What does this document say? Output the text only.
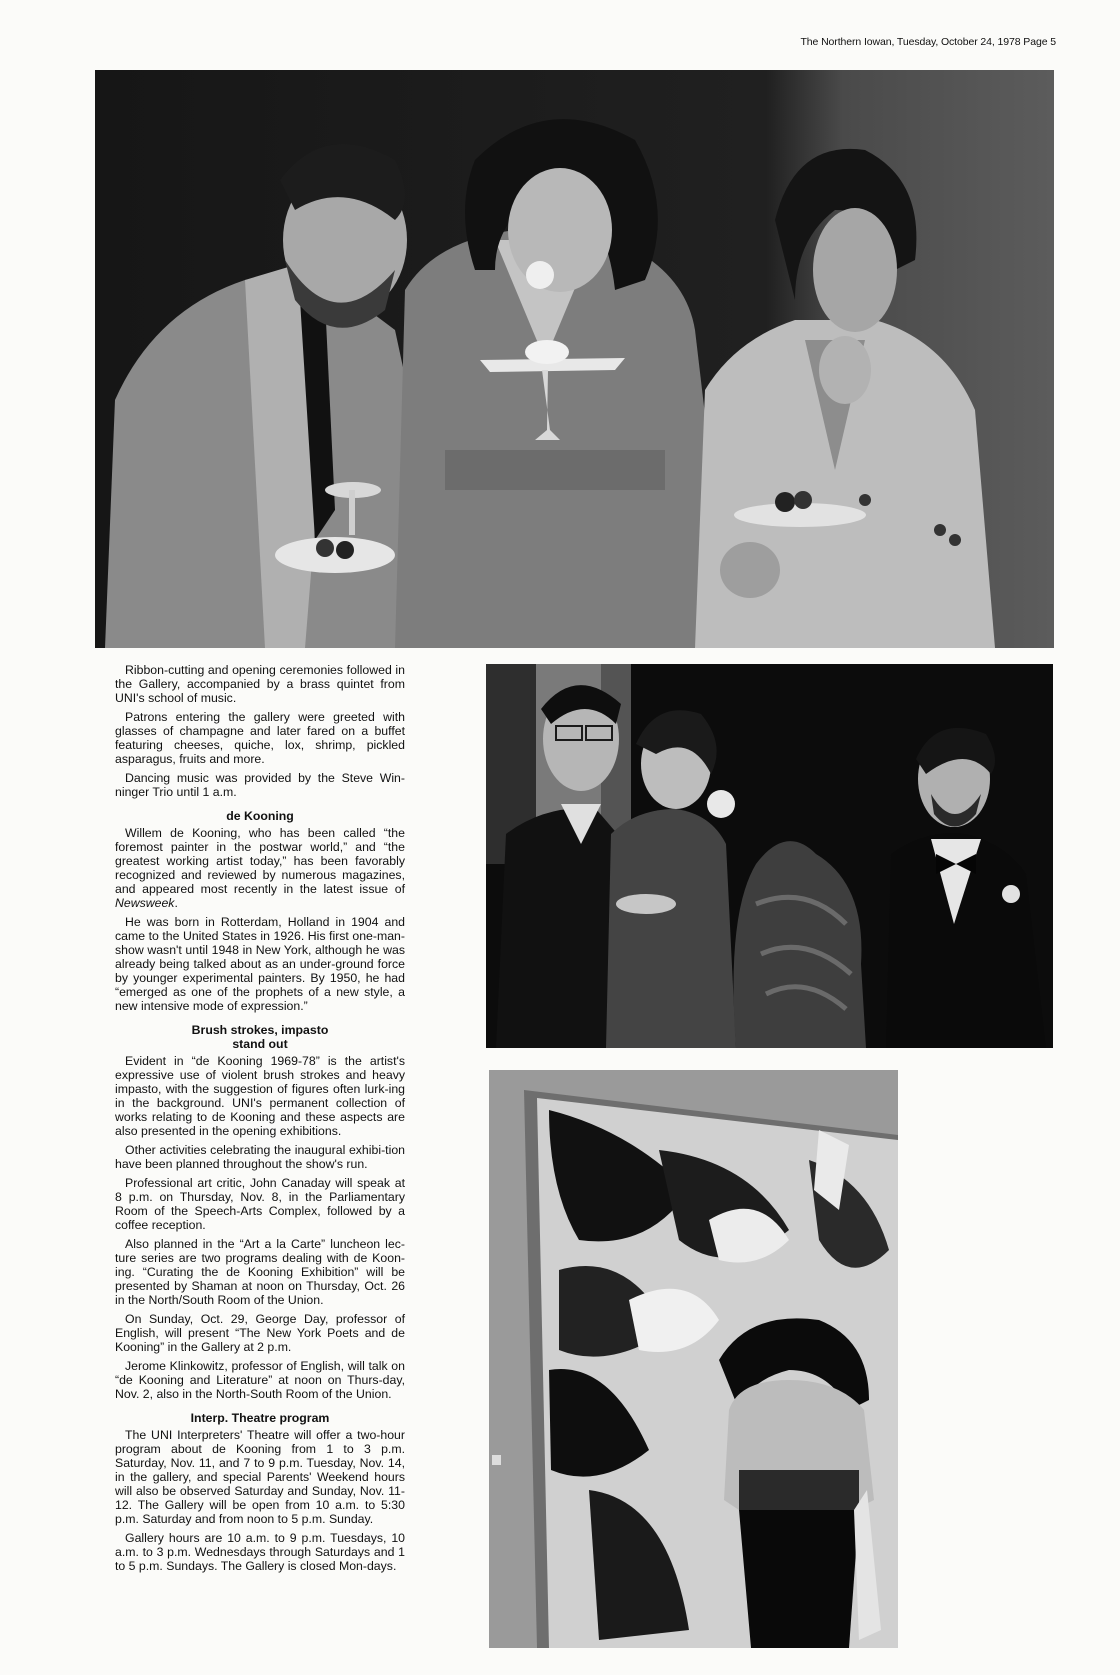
The Northern Iowan, Tuesday, October 24, 1978 Page 5

Ribbon-cutting and opening ceremonies followed in the Gallery, accompanied by a brass quintet from UNI's school of music.

Patrons entering the gallery were greeted with glasses of champagne and later fared on a buffet featuring cheeses, quiche, lox, shrimp, pickled asparagus, fruits and more.

Dancing music was provided by the Steve Win-ninger Trio until 1 a.m.

de Kooning

Willem de Kooning, who has been called “the foremost painter in the postwar world,” and “the greatest working artist today,” has been favorably recognized and reviewed by numerous magazines, and appeared most recently in the latest issue of Newsweek.

He was born in Rotterdam, Holland in 1904 and came to the United States in 1926. His first one-man-show wasn't until 1948 in New York, although he was already being talked about as an under-ground force by younger experimental painters. By 1950, he had “emerged as one of the prophets of a new style, a new intensive mode of expression.”

Brush strokes, impasto
stand out

Evident in “de Kooning 1969-78” is the artist's expressive use of violent brush strokes and heavy impasto, with the suggestion of figures often lurk-ing in the background. UNI's permanent collection of works relating to de Kooning and these aspects are also presented in the opening exhibitions.

Other activities celebrating the inaugural exhibi-tion have been planned throughout the show's run.

Professional art critic, John Canaday will speak at 8 p.m. on Thursday, Nov. 8, in the Parliamentary Room of the Speech-Arts Complex, followed by a coffee reception.

Also planned in the “Art a la Carte” luncheon lec-ture series are two programs dealing with de Koon-ing. “Curating the de Kooning Exhibition” will be presented by Shaman at noon on Thursday, Oct. 26 in the North/South Room of the Union.

On Sunday, Oct. 29, George Day, professor of English, will present “The New York Poets and de Kooning” in the Gallery at 2 p.m.

Jerome Klinkowitz, professor of English, will talk on “de Kooning and Literature” at noon on Thurs-day, Nov. 2, also in the North-South Room of the Union.

Interp. Theatre program

The UNI Interpreters' Theatre will offer a two-hour program about de Kooning from 1 to 3 p.m. Saturday, Nov. 11, and 7 to 9 p.m. Tuesday, Nov. 14, in the gallery, and special Parents' Weekend hours will also be observed Saturday and Sunday, Nov. 11-12. The Gallery will be open from 10 a.m. to 5:30 p.m. Saturday and from noon to 5 p.m. Sunday.

Gallery hours are 10 a.m. to 9 p.m. Tuesdays, 10 a.m. to 3 p.m. Wednesdays through Saturdays and 1 to 5 p.m. Sundays. The Gallery is closed Mon-days.
